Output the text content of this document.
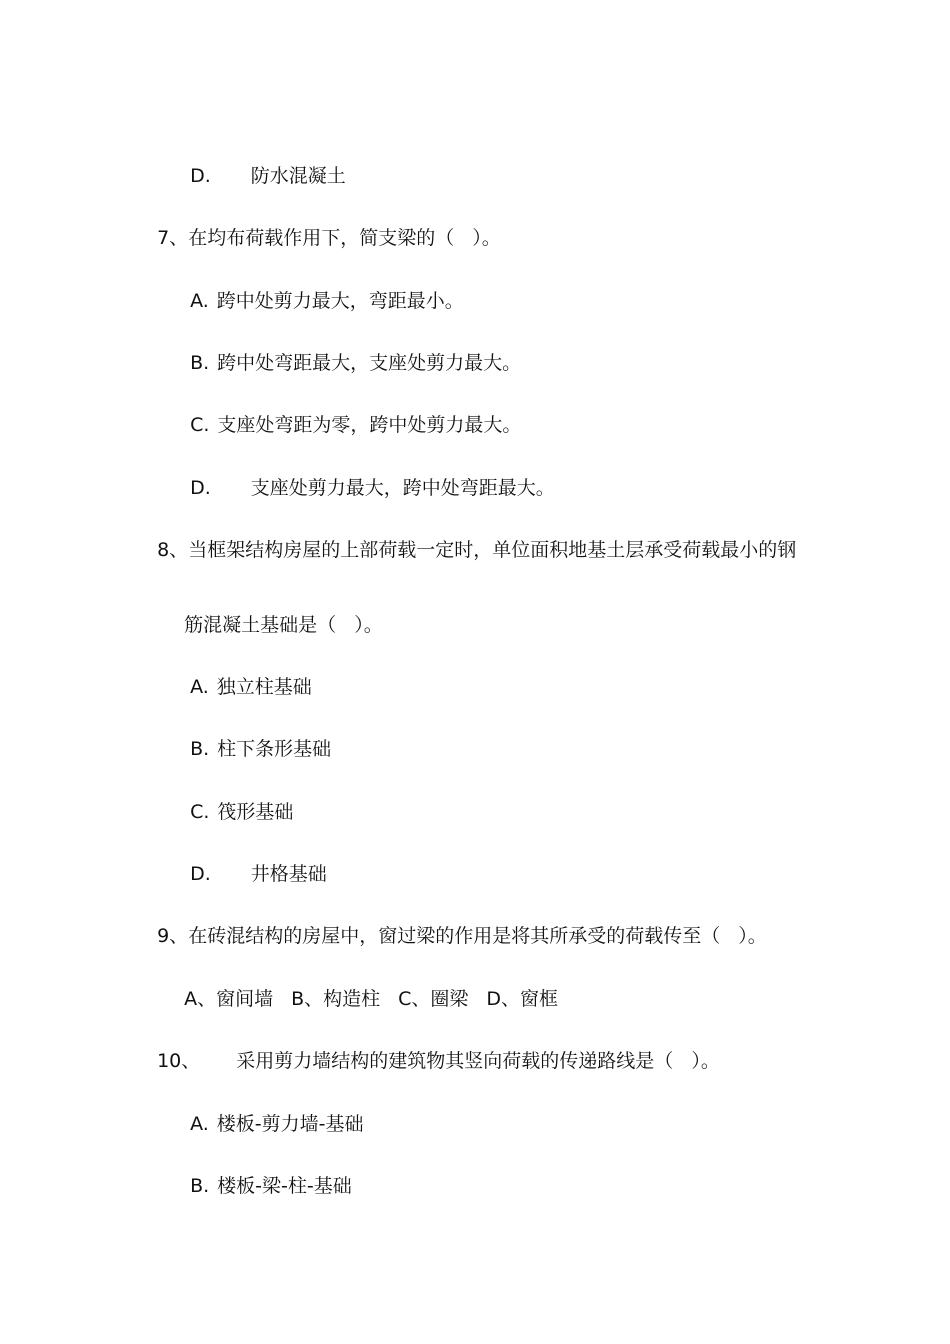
D. 防水混凝土

7、在均布荷载作用下，简支梁的（   ）。

A. 跨中处剪力最大，弯距最小。

B. 跨中处弯距最大，支座处剪力最大。

C. 支座处弯距为零，跨中处剪力最大。

D. 支座处剪力最大，跨中处弯距最大。

8、当框架结构房屋的上部荷载一定时，单位面积地基土层承受荷载最小的钢

筋混凝土基础是（   ）。

A. 独立柱基础

B. 柱下条形基础

C. 筏形基础

D. 井格基础

9、在砖混结构的房屋中，窗过梁的作用是将其所承受的荷载传至（   ）。

A、窗间墙 B、构造柱 C、圈梁 D、窗框

10、 采用剪力墙结构的建筑物其竖向荷载的传递路线是（   ）。

A. 楼板-剪力墙-基础

B. 楼板-梁-柱-基础
